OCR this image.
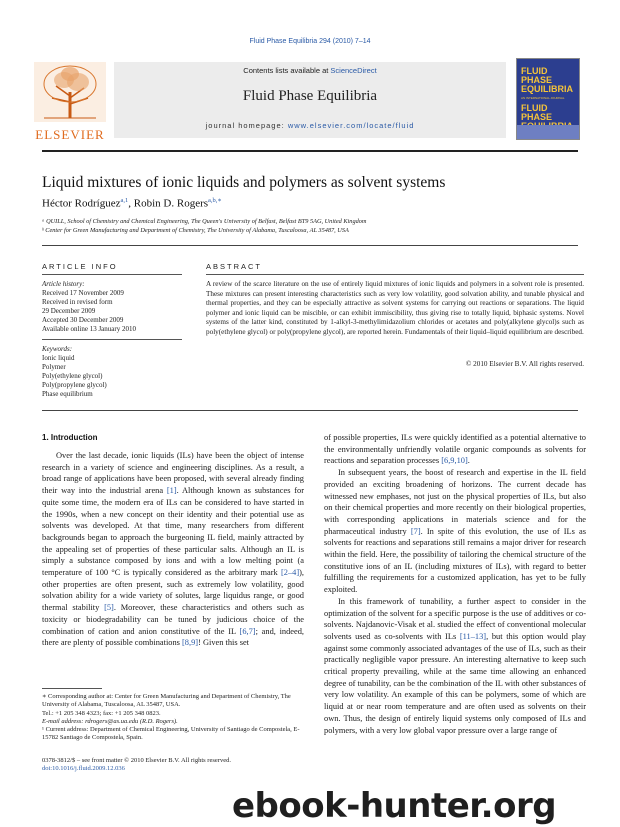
Fluid Phase Equilibria 294 (2010) 7–14
ELSEVIER
Contents lists available at ScienceDirect
Fluid Phase Equilibria
journal homepage: www.elsevier.com/locate/fluid
FLUID PHASE EQUILIBRIA
AN INTERNATIONAL JOURNAL
FLUID PHASE
Liquid mixtures of ionic liquids and polymers as solvent systems
Héctor Rodríguez$^{a,1}$, Robin D. Rogers$^{a,b,∗}$
ᵃ QUILL, School of Chemistry and Chemical Engineering, The Queen's University of Belfast, Belfast BT9 5AG, United Kingdom
ᵇ Center for Green Manufacturing and Department of Chemistry, The University of Alabama, Tuscaloosa, AL 35487, USA
ARTICLE INFO
Article history:
Received 17 November 2009
Received in revised form
29 December 2009
Accepted 30 December 2009
Available online 13 January 2010
Keywords:
Ionic liquid
Polymer
Poly(ethylene glycol)
Poly(propylene glycol)
Phase equilibrium
ABSTRACT
A review of the scarce literature on the use of entirely liquid mixtures of ionic liquids and polymers in a solvent role is presented. These mixtures can present interesting characteristics such as very low volatility, good solvation ability, and tunable physical and thermal properties, and they can be especially attractive as solvent systems for carrying out reactions or separations. The liquid polymer and ionic liquid can be miscible, or can exhibit immiscibility, thus giving rise to totally liquid, biphasic systems. Novel systems of the latter kind, constituted by 1-alkyl-3-methylimidazolium chlorides or acetates and poly(alkylene glycol)s such as poly(ethylene glycol) or poly(propylene glycol), are reported herein. Fundamentals of their liquid–liquid equilibrium are described.
© 2010 Elsevier B.V. All rights reserved.
1. Introduction

Over the last decade, ionic liquids (ILs) have been the object of intense research in a variety of science and engineering disciplines. As a result, a broad range of applications have been proposed, with several already finding their way into the industrial arena [1]. Although known as substances for quite some time, the modern era of ILs can be considered to have started in the 1990s, when a new concept on their identity and their potential use as solvents was developed. At that time, many researchers from different backgrounds began to approach the burgeoning IL field, mainly attracted by the appealing set of properties of these particular salts. Although an IL is simply a substance composed by ions and with a low melting point (a temperature of 100 °C is typically considered as the arbitrary mark [2–4]), other properties are often present, such as extremely low volatility, good solvation ability for a wide variety of solutes, large liquidus range, or good thermal stability [5]. Moreover, these characteristics and others such as toxicity or biodegradability can be tuned by judicious choice of the combination of cation and anion constitutive of the IL [6,7]; and, indeed, there are plenty of possible combinations [8,9]! Given this set

of possible properties, ILs were quickly identified as a potential alternative to the environmentally unfriendly volatile organic compounds as solvents for reactions and separation processes [6,9,10].

In subsequent years, the boost of research and expertise in the IL field provided an exciting broadening of horizons. The current decade has witnessed new emphases, not just on the physical properties of ILs, but also on their chemical properties and more recently on their biological properties, with corresponding applications in materials science and for the pharmaceutical industry [7]. In spite of this evolution, the use of ILs as solvents for reactions and separations still remains a major driver for research within the field. Here, the possibility of tailoring the chemical structure of the constitutive ions of an IL (including mixtures of ILs), with regard to better fulfilling the requirements for a customized application, has yet to be fully exploited.

In this framework of tunability, a further aspect to consider in the optimization of the solvent for a specific purpose is the use of additives or co-solvents. Najdanovic-Visak et al. studied the effect of conventional molecular solvents used as co-solvents with ILs [11–13], but this option would play against some commonly associated advantages of the use of ILs, such as their practically negligible vapor pressure. An interesting alternative to keep such critical property prevailing, while at the same time allowing an enhanced degree of tunability, can be the combination of the IL with other substances of very low volatility. An example of this can be polymers, some of which are liquid at or near room temperature and are often used as solvents on their own. Thus, the design of entirely liquid systems only composed of ILs and polymers, with a very low global vapor pressure over a large range of

∗ Corresponding author at: Center for Green Manufacturing and Department of Chemistry, The University of Alabama, Tuscaloosa, AL 35487, USA.
Tel.: +1 205 348 4323; fax: +1 205 348 0823.
E-mail address: rdrogers@as.ua.edu (R.D. Rogers).
¹ Current address: Department of Chemical Engineering, University of Santiago de Compostela, E-15782 Santiago de Compostela, Spain.
0378-3812/$ – see front matter © 2010 Elsevier B.V. All rights reserved.
doi:10.1016/j.fluid.2009.12.036
ebook-hunter.org
